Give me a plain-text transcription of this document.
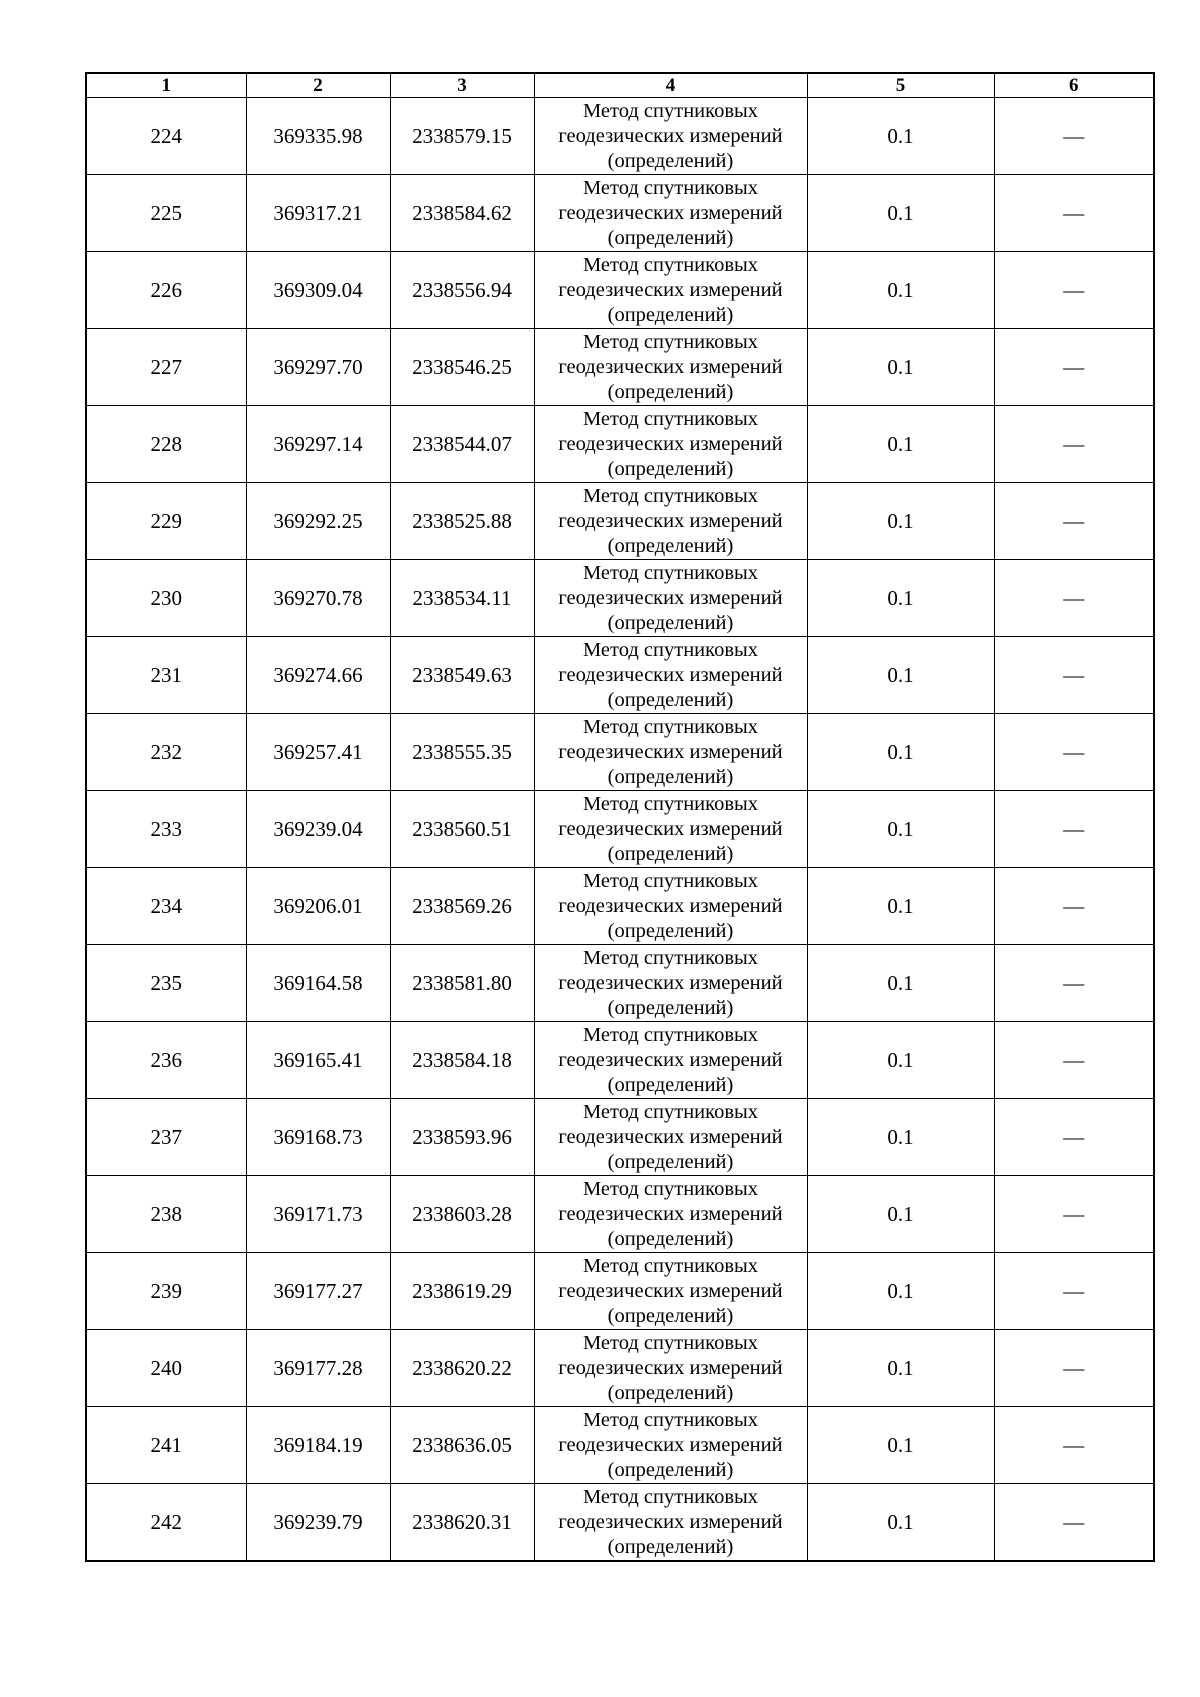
1	2	3	4	5	6
224	369335.98	2338579.15	Метод спутниковых геодезических измерений (определений)	0.1	—
225	369317.21	2338584.62	Метод спутниковых геодезических измерений (определений)	0.1	—
226	369309.04	2338556.94	Метод спутниковых геодезических измерений (определений)	0.1	—
227	369297.70	2338546.25	Метод спутниковых геодезических измерений (определений)	0.1	—
228	369297.14	2338544.07	Метод спутниковых геодезических измерений (определений)	0.1	—
229	369292.25	2338525.88	Метод спутниковых геодезических измерений (определений)	0.1	—
230	369270.78	2338534.11	Метод спутниковых геодезических измерений (определений)	0.1	—
231	369274.66	2338549.63	Метод спутниковых геодезических измерений (определений)	0.1	—
232	369257.41	2338555.35	Метод спутниковых геодезических измерений (определений)	0.1	—
233	369239.04	2338560.51	Метод спутниковых геодезических измерений (определений)	0.1	—
234	369206.01	2338569.26	Метод спутниковых геодезических измерений (определений)	0.1	—
235	369164.58	2338581.80	Метод спутниковых геодезических измерений (определений)	0.1	—
236	369165.41	2338584.18	Метод спутниковых геодезических измерений (определений)	0.1	—
237	369168.73	2338593.96	Метод спутниковых геодезических измерений (определений)	0.1	—
238	369171.73	2338603.28	Метод спутниковых геодезических измерений (определений)	0.1	—
239	369177.27	2338619.29	Метод спутниковых геодезических измерений (определений)	0.1	—
240	369177.28	2338620.22	Метод спутниковых геодезических измерений (определений)	0.1	—
241	369184.19	2338636.05	Метод спутниковых геодезических измерений (определений)	0.1	—
242	369239.79	2338620.31	Метод спутниковых геодезических измерений (определений)	0.1	—
